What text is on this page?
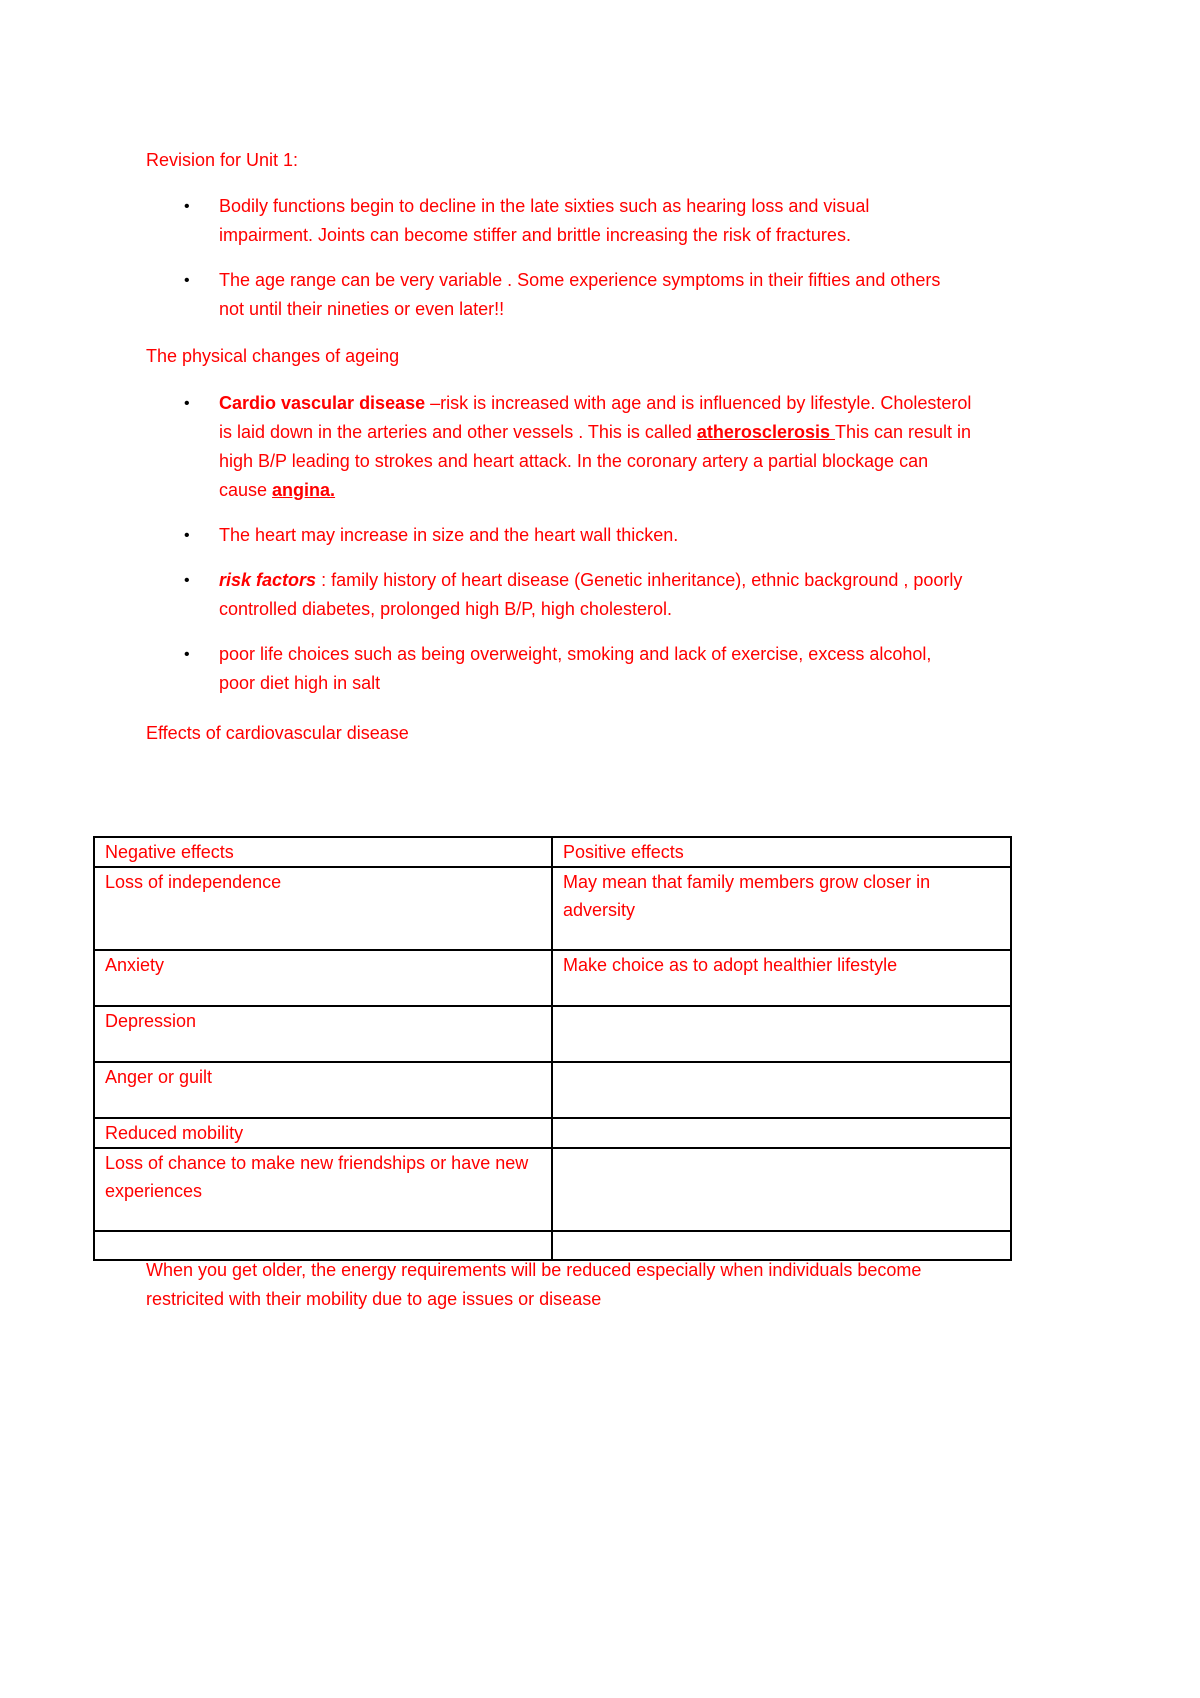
Revision for Unit 1:

• Bodily functions begin to decline in the late sixties such as hearing loss and visual
impairment. Joints can become stiffer and brittle increasing the risk of fractures.
• The age range can be very variable . Some experience symptoms in their fifties and others
not until their nineties or even later!!

The physical changes of ageing

• Cardio vascular disease –risk is increased with age and is influenced by lifestyle. Cholesterol
is laid down in the arteries and other vessels . This is called atherosclerosis This can result in
high B/P leading to strokes and heart attack. In the coronary artery a partial blockage can
cause angina.
• The heart may increase in size and the heart wall thicken.
• risk factors : family history of heart disease (Genetic inheritance), ethnic background , poorly
controlled diabetes, prolonged high B/P, high cholesterol.
• poor life choices such as being overweight, smoking and lack of exercise, excess alcohol,
poor diet high in salt

Effects of cardiovascular disease

Negative effects	Positive effects
Loss of independence	May mean that family members grow closer in adversity
Anxiety	Make choice as to adopt healthier lifestyle
Depression	
Anger or guilt	
Reduced mobility	
Loss of chance to make new friendships or have new experiences	

When you get older, the energy requirements will be reduced especially when individuals become
restricited with their mobility due to age issues or disease
